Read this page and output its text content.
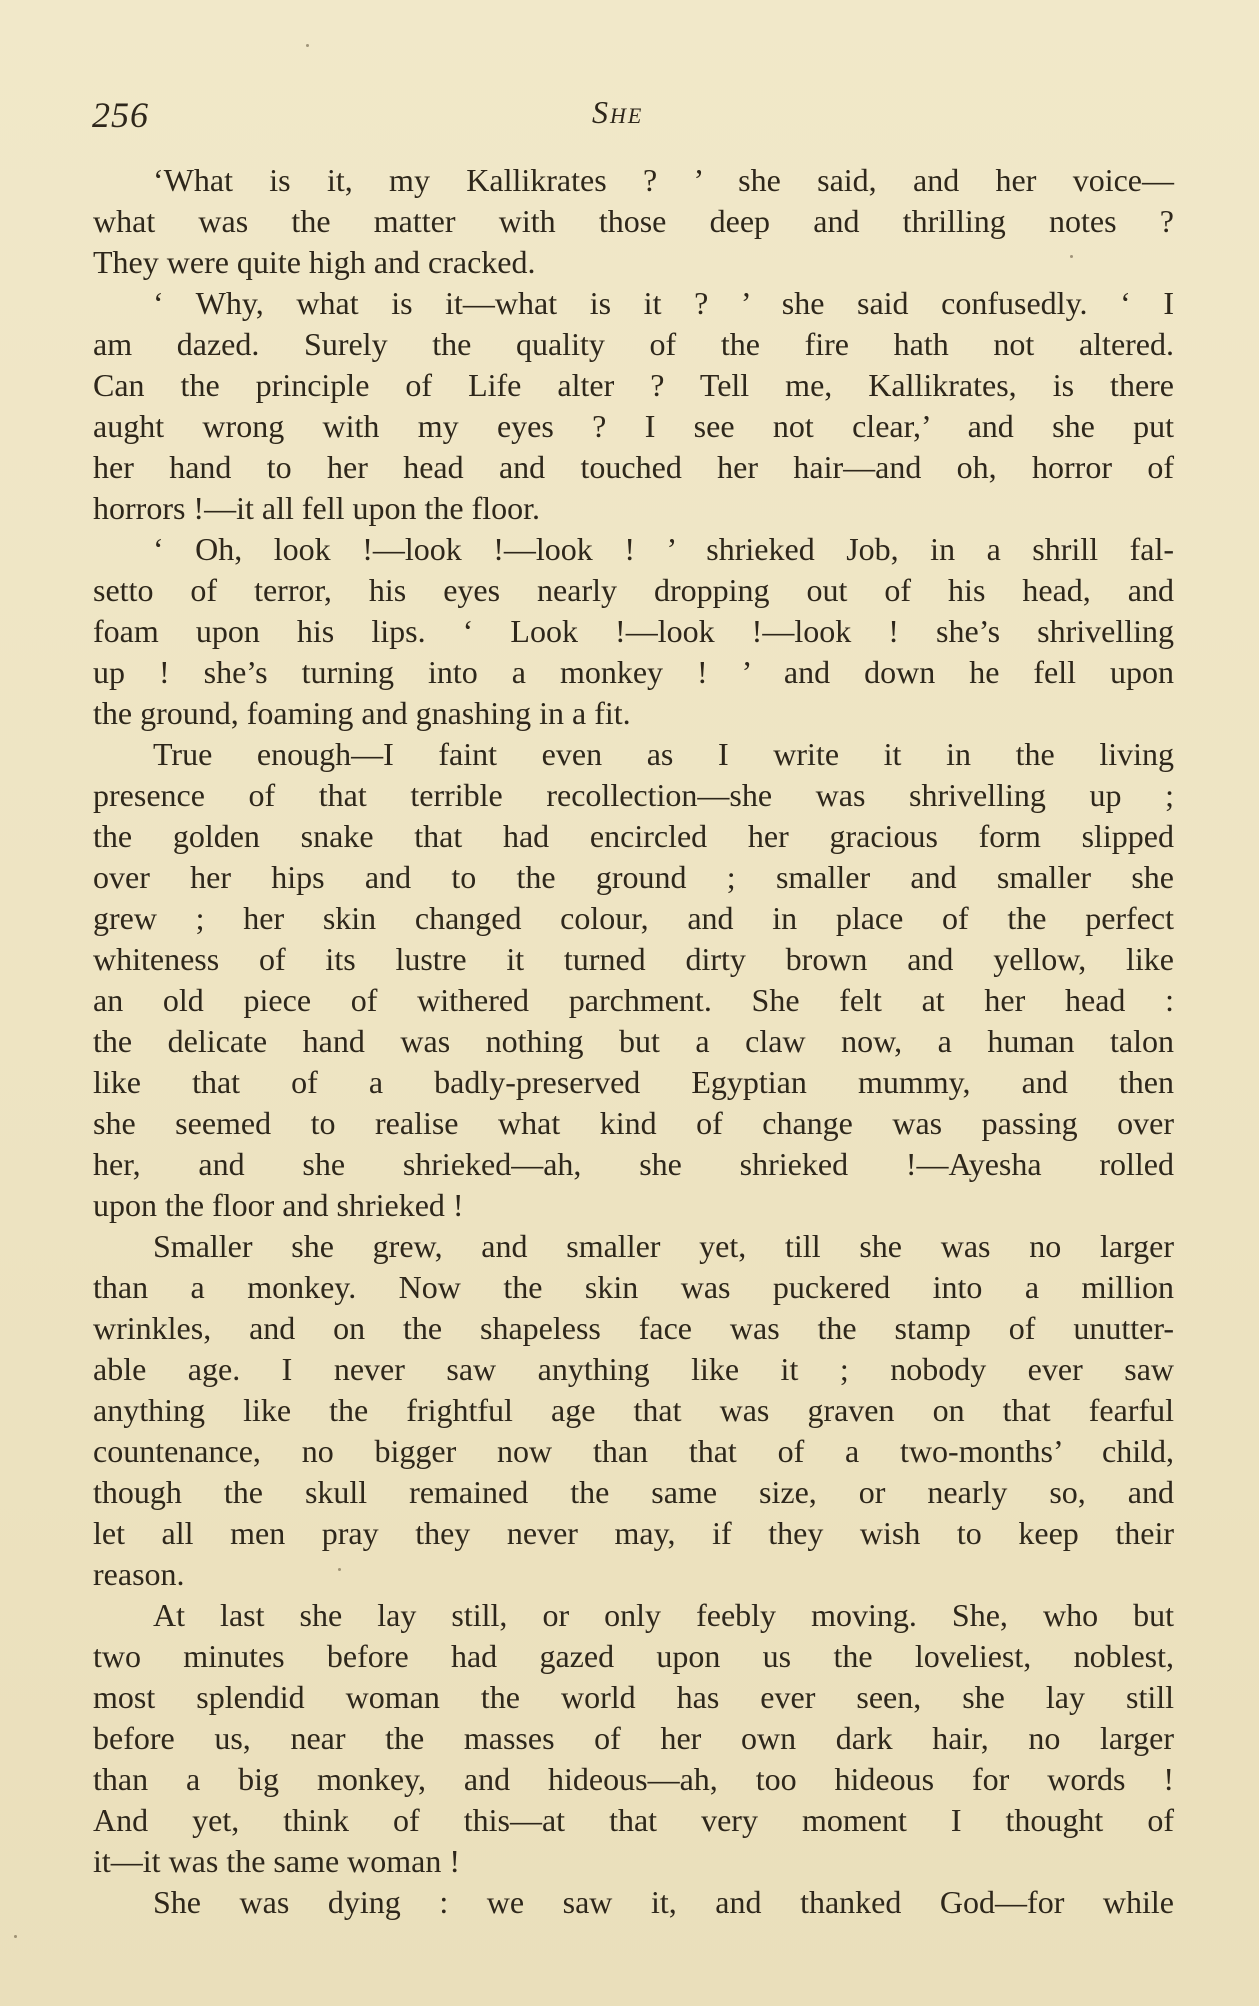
256	She
‘What is it, my Kallikrates ? ’ she said, and her voice—
what was the matter with those deep and thrilling notes ?
They were quite high and cracked.
‘ Why, what is it—what is it ? ’ she said confusedly. ‘ I
am dazed. Surely the quality of the fire hath not altered.
Can the principle of Life alter ? Tell me, Kallikrates, is there
aught wrong with my eyes ? I see not clear,’ and she put
her hand to her head and touched her hair—and oh, horror of
horrors !—it all fell upon the floor.
‘ Oh, look !—look !—look ! ’ shrieked Job, in a shrill fal-
setto of terror, his eyes nearly dropping out of his head, and
foam upon his lips. ‘ Look !—look !—look ! she’s shrivelling
up ! she’s turning into a monkey ! ’ and down he fell upon
the ground, foaming and gnashing in a fit.
True enough—I faint even as I write it in the living
presence of that terrible recollection—she was shrivelling up ;
the golden snake that had encircled her gracious form slipped
over her hips and to the ground ; smaller and smaller she
grew ; her skin changed colour, and in place of the perfect
whiteness of its lustre it turned dirty brown and yellow, like
an old piece of withered parchment. She felt at her head :
the delicate hand was nothing but a claw now, a human talon
like that of a badly-preserved Egyptian mummy, and then
she seemed to realise what kind of change was passing over
her, and she shrieked—ah, she shrieked !—Ayesha rolled
upon the floor and shrieked !
Smaller she grew, and smaller yet, till she was no larger
than a monkey. Now the skin was puckered into a million
wrinkles, and on the shapeless face was the stamp of unutter-
able age. I never saw anything like it ; nobody ever saw
anything like the frightful age that was graven on that fearful
countenance, no bigger now than that of a two-months’ child,
though the skull remained the same size, or nearly so, and
let all men pray they never may, if they wish to keep their
reason.
At last she lay still, or only feebly moving. She, who but
two minutes before had gazed upon us the loveliest, noblest,
most splendid woman the world has ever seen, she lay still
before us, near the masses of her own dark hair, no larger
than a big monkey, and hideous—ah, too hideous for words !
And yet, think of this—at that very moment I thought of
it—it was the same woman !
She was dying : we saw it, and thanked God—for while
